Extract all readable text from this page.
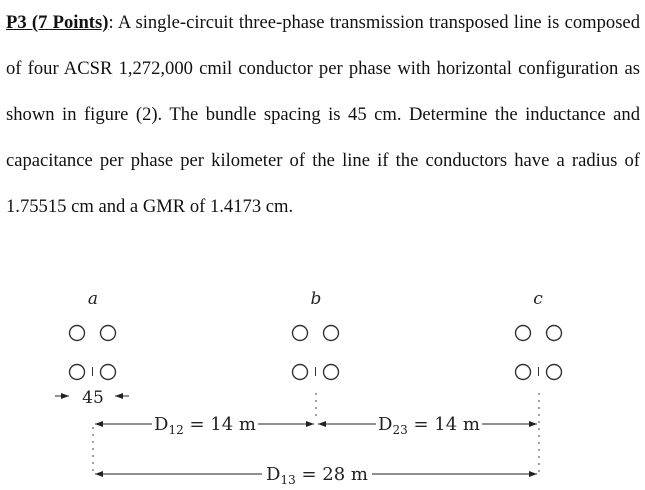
P3 (7 Points): A single-circuit three-phase transmission transposed line is composed of four ACSR 1,272,000 cmil conductor per phase with horizontal configuration as shown in figure (2). The bundle spacing is 45 cm. Determine the inductance and capacitance per phase per kilometer of the line if the conductors have a radius of 1.75515 cm and a GMR of 1.4173 cm.

a	b	c
45
$D_{12} = 14$ m	$D_{23} = 14$ m
$D_{13} = 28$ m
